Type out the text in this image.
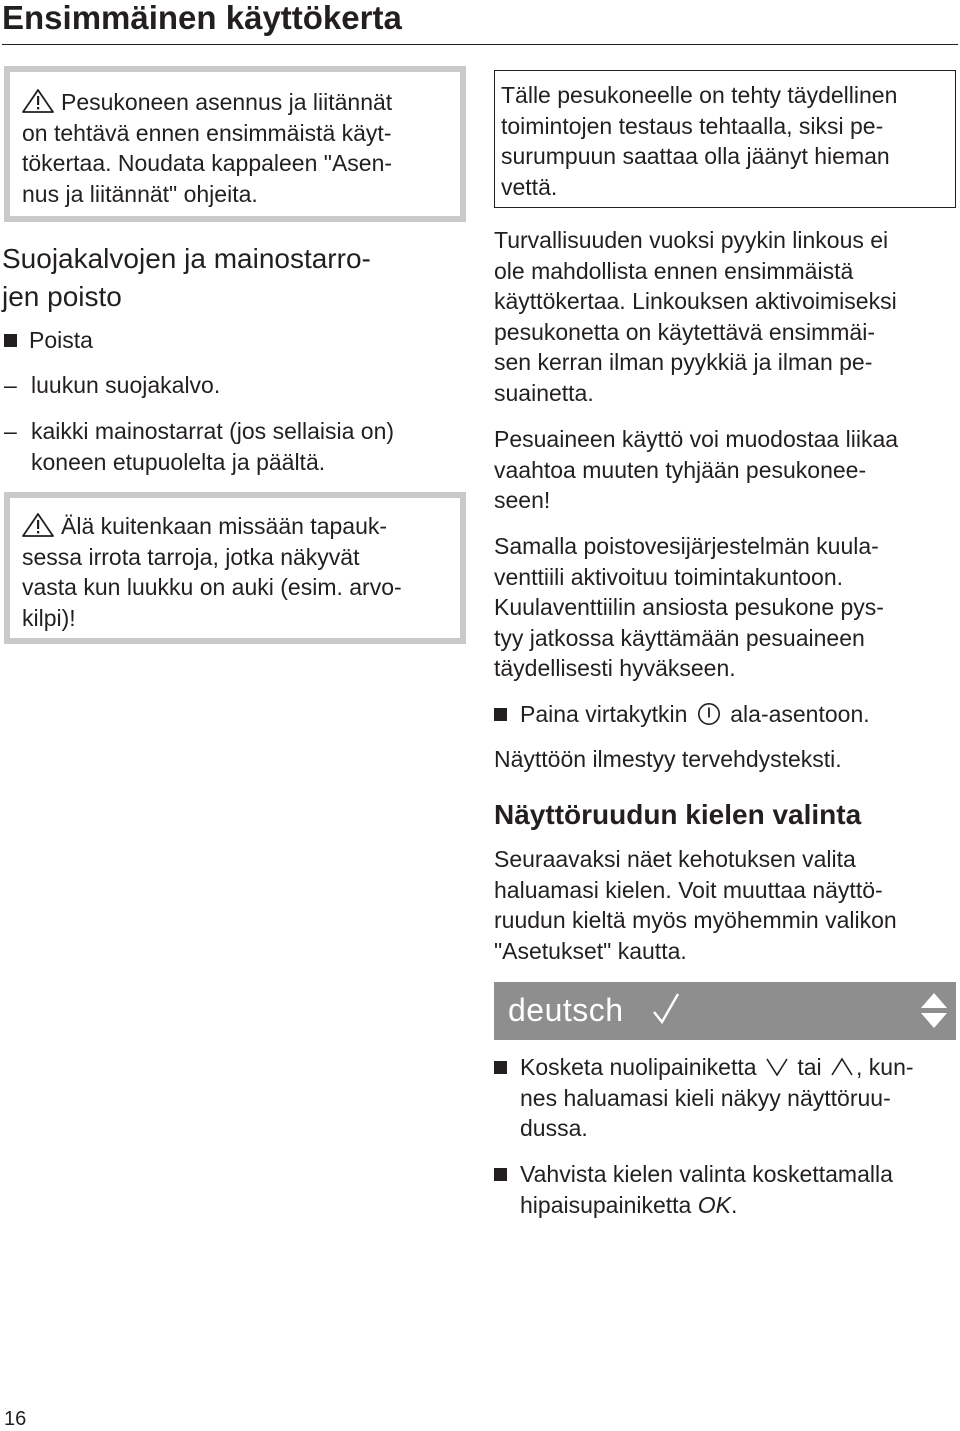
Ensimmäinen käyttökerta
Pesukoneen asennus ja liitännät
on tehtävä ennen ensimmäistä käyt-
tökertaa. Noudata kappaleen "Asen-
nus ja liitännät" ohjeita.
Suojakalvojen ja mainostarro-
jen poisto
Poista
– luukun suojakalvo.
– kaikki mainostarrat (jos sellaisia on)
koneen etupuolelta ja päältä.
Älä kuitenkaan missään tapauk-
sessa irrota tarroja, jotka näkyvät
vasta kun luukku on auki (esim. arvo-
kilpi)!
Tälle pesukoneelle on tehty täydellinen
toimintojen testaus tehtaalla, siksi pe-
surumpuun saattaa olla jäänyt hieman
vettä.
Turvallisuuden vuoksi pyykin linkous ei
ole mahdollista ennen ensimmäistä
käyttökertaa. Linkouksen aktivoimiseksi
pesukonetta on käytettävä ensimmäi-
sen kerran ilman pyykkiä ja ilman pe-
suainetta.
Pesuaineen käyttö voi muodostaa liikaa
vaahtoa muuten tyhjään pesukonee-
seen!
Samalla poistovesijärjestelmän kuula-
venttiili aktivoituu toimintakuntoon.
Kuulaventtiilin ansiosta pesukone pys-
tyy jatkossa käyttämään pesuaineen
täydellisesti hyväkseen.
Paina virtakytkin ala-asentoon.
Näyttöön ilmestyy tervehdysteksti.
Näyttöruudun kielen valinta
Seuraavaksi näet kehotuksen valita
haluamasi kielen. Voit muuttaa näyttö-
ruudun kieltä myös myöhemmin valikon
"Asetukset" kautta.
deutsch
Kosketa nuolipainiketta tai , kun-
nes haluamasi kieli näkyy näyttöruu-
dussa.
Vahvista kielen valinta koskettamalla
hipaisupainiketta OK.
16
